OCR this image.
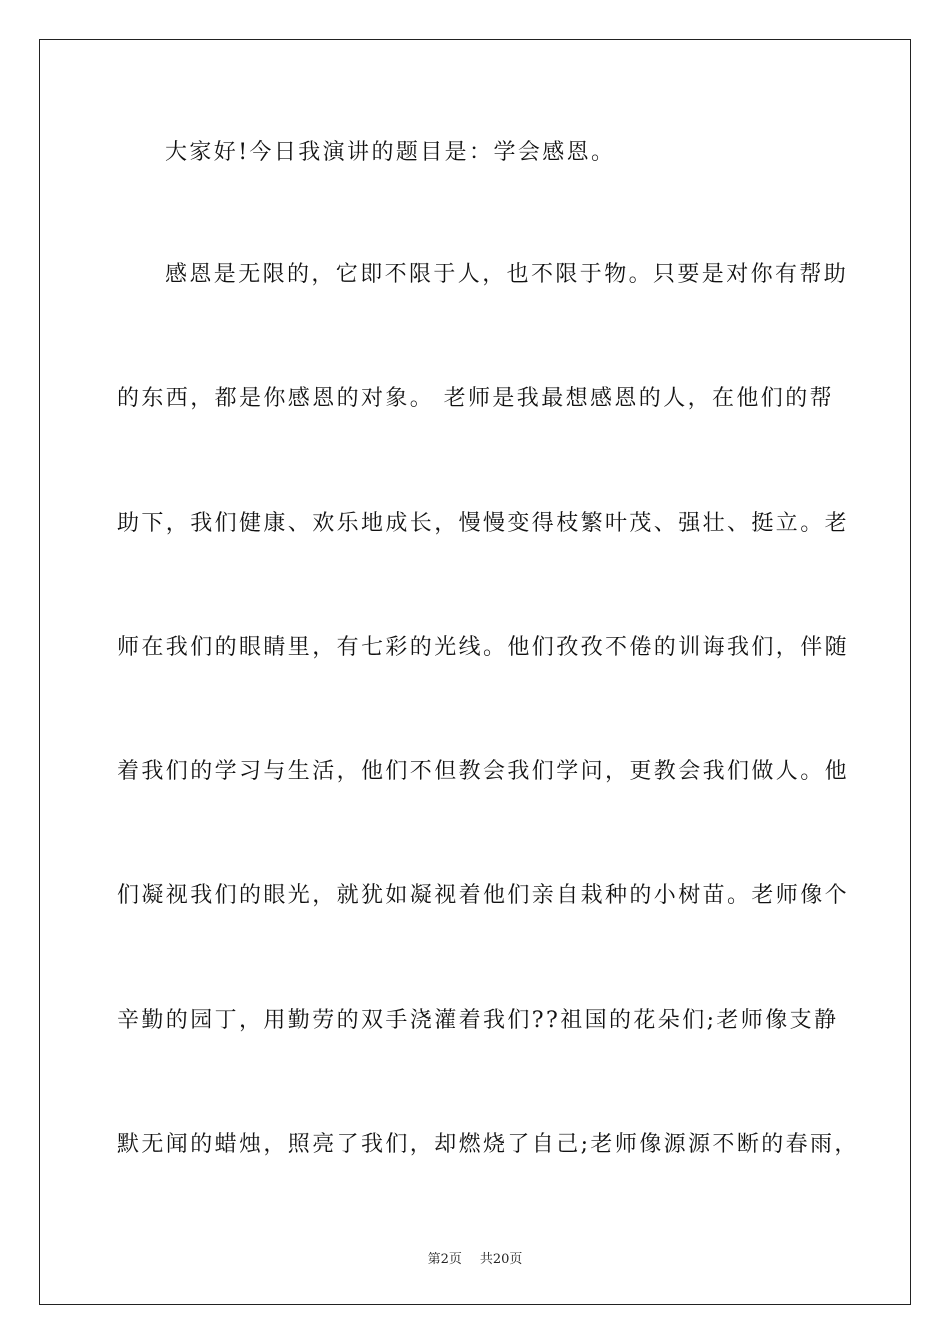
大家好!今日我演讲的题目是：学会感恩。
感恩是无限的，它即不限于人，也不限于物。只要是对你有帮助
的东西，都是你感恩的对象。 老师是我最想感恩的人，在他们的帮
助下，我们健康、欢乐地成长，慢慢变得枝繁叶茂、强壮、挺立。老
师在我们的眼睛里，有七彩的光线。他们孜孜不倦的训诲我们，伴随
着我们的学习与生活，他们不但教会我们学问，更教会我们做人。他
们凝视我们的眼光，就犹如凝视着他们亲自栽种的小树苗。老师像个
辛勤的园丁，用勤劳的双手浇灌着我们??祖国的花朵们;老师像支静
默无闻的蜡烛，照亮了我们，却燃烧了自己;老师像源源不断的春雨，
第2页 共20页
